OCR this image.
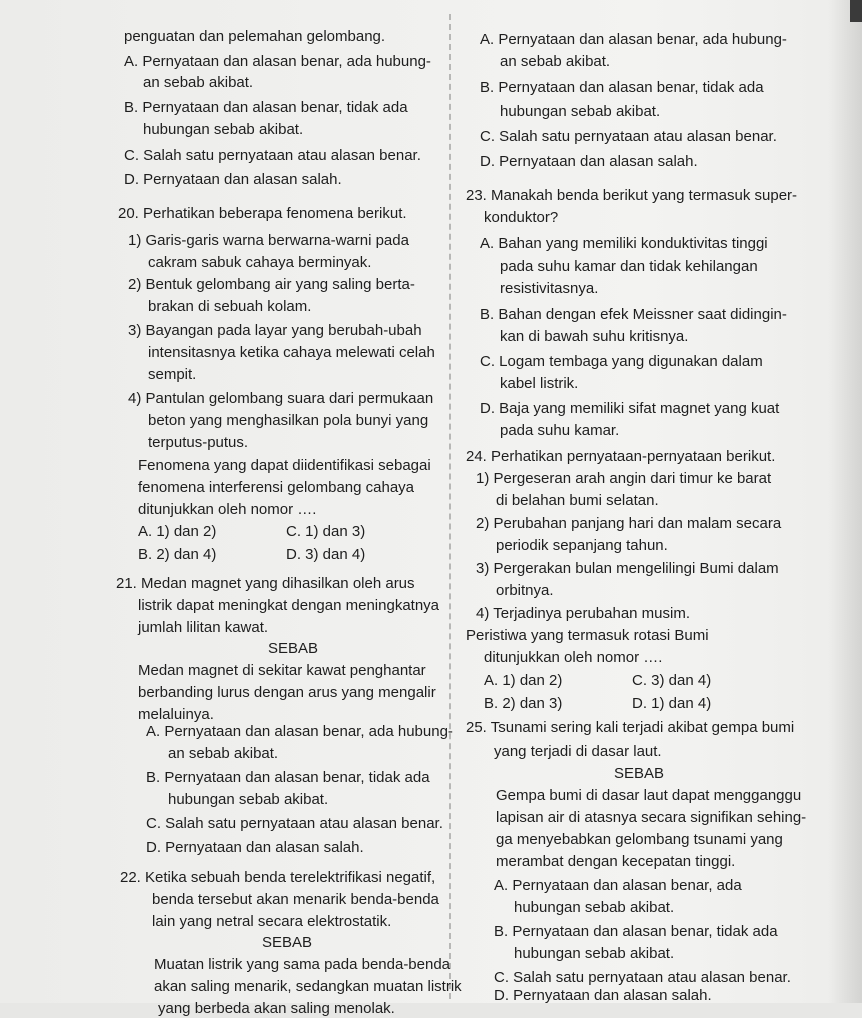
penguatan dan pelemahan gelombang.
A. Pernyataan dan alasan benar, ada hubung-
an sebab akibat.
B. Pernyataan dan alasan benar, tidak ada
hubungan sebab akibat.
C. Salah satu pernyataan atau alasan benar.
D. Pernyataan dan alasan salah.
20. Perhatikan beberapa fenomena berikut.
1) Garis-garis warna berwarna-warni pada
cakram sabuk cahaya berminyak.
2) Bentuk gelombang air yang saling berta-
brakan di sebuah kolam.
3) Bayangan pada layar yang berubah-ubah
intensitasnya ketika cahaya melewati celah
sempit.
4) Pantulan gelombang suara dari permukaan
beton yang menghasilkan pola bunyi yang
terputus-putus.
Fenomena yang dapat diidentifikasi sebagai
fenomena interferensi gelombang cahaya
ditunjukkan oleh nomor ….
A. 1) dan 2)	C. 1) dan 3)
B. 2) dan 4)	D. 3) dan 4)
21. Medan magnet yang dihasilkan oleh arus
listrik dapat meningkat dengan meningkatnya
jumlah lilitan kawat.
SEBAB
Medan magnet di sekitar kawat penghantar
berbanding lurus dengan arus yang mengalir
melaluinya.
A. Pernyataan dan alasan benar, ada hubung-
an sebab akibat.
B. Pernyataan dan alasan benar, tidak ada
hubungan sebab akibat.
C. Salah satu pernyataan atau alasan benar.
D. Pernyataan dan alasan salah.
22. Ketika sebuah benda terelektrifikasi negatif,
benda tersebut akan menarik benda-benda
lain yang netral secara elektrostatik.
SEBAB
Muatan listrik yang sama pada benda-benda
akan saling menarik, sedangkan muatan listrik
yang berbeda akan saling menolak.
A. Pernyataan dan alasan benar, ada hubung-
an sebab akibat.
B. Pernyataan dan alasan benar, tidak ada
hubungan sebab akibat.
C. Salah satu pernyataan atau alasan benar.
D. Pernyataan dan alasan salah.
23. Manakah benda berikut yang termasuk super-
konduktor?
A. Bahan yang memiliki konduktivitas tinggi
pada suhu kamar dan tidak kehilangan
resistivitasnya.
B. Bahan dengan efek Meissner saat didingin-
kan di bawah suhu kritisnya.
C. Logam tembaga yang digunakan dalam
kabel listrik.
D. Baja yang memiliki sifat magnet yang kuat
pada suhu kamar.
24. Perhatikan pernyataan-pernyataan berikut.
1) Pergeseran arah angin dari timur ke barat
di belahan bumi selatan.
2) Perubahan panjang hari dan malam secara
periodik sepanjang tahun.
3) Pergerakan bulan mengelilingi Bumi dalam
orbitnya.
4) Terjadinya perubahan musim.
Peristiwa yang termasuk rotasi Bumi
ditunjukkan oleh nomor ….
A. 1) dan 2)	C. 3) dan 4)
B. 2) dan 3)	D. 1) dan 4)
25. Tsunami sering kali terjadi akibat gempa bumi
yang terjadi di dasar laut.
SEBAB
Gempa bumi di dasar laut dapat mengganggu
lapisan air di atasnya secara signifikan sehing-
ga menyebabkan gelombang tsunami yang
merambat dengan kecepatan tinggi.
A. Pernyataan dan alasan benar, ada
hubungan sebab akibat.
B. Pernyataan dan alasan benar, tidak ada
hubungan sebab akibat.
C. Salah satu pernyataan atau alasan benar.
D. Pernyataan dan alasan salah.
